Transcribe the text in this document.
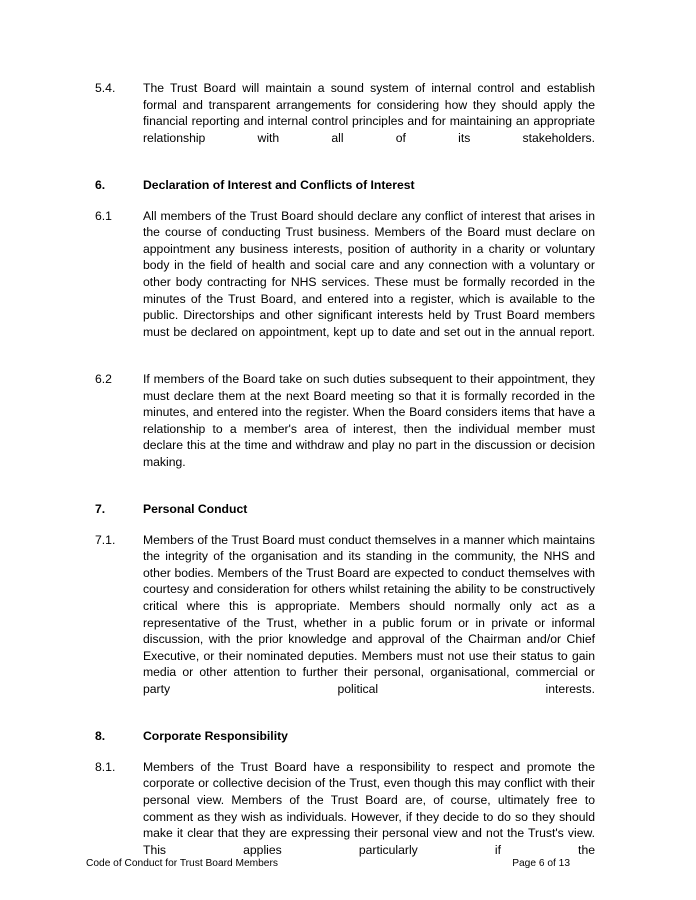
5.4.	The Trust Board will maintain a sound system of internal control and establish formal and transparent arrangements for considering how they should apply the financial reporting and internal control principles and for maintaining an appropriate relationship with all of its stakeholders.
6.	Declaration of Interest and Conflicts of Interest
6.1	All members of the Trust Board should declare any conflict of interest that arises in the course of conducting Trust business. Members of the Board must declare on appointment any business interests, position of authority in a charity or voluntary body in the field of health and social care and any connection with a voluntary or other body contracting for NHS services. These must be formally recorded in the minutes of the Trust Board, and entered into a register, which is available to the public. Directorships and other significant interests held by Trust Board members must be declared on appointment, kept up to date and set out in the annual report.
6.2	If members of the Board take on such duties subsequent to their appointment, they must declare them at the next Board meeting so that it is formally recorded in the minutes, and entered into the register. When the Board considers items that have a relationship to a member's area of interest, then the individual member must declare this at the time and withdraw and play no part in the discussion or decision making.
7.	Personal Conduct
7.1.	Members of the Trust Board must conduct themselves in a manner which maintains the integrity of the organisation and its standing in the community, the NHS and other bodies. Members of the Trust Board are expected to conduct themselves with courtesy and consideration for others whilst retaining the ability to be constructively critical where this is appropriate. Members should normally only act as a representative of the Trust, whether in a public forum or in private or informal discussion, with the prior knowledge and approval of the Chairman and/or Chief Executive, or their nominated deputies. Members must not use their status to gain media or other attention to further their personal, organisational, commercial or party political interests.
8.	Corporate Responsibility
8.1.	Members of the Trust Board have a responsibility to respect and promote the corporate or collective decision of the Trust, even though this may conflict with their personal view. Members of the Trust Board are, of course, ultimately free to comment as they wish as individuals. However, if they decide to do so they should make it clear that they are expressing their personal view and not the Trust's view. This applies particularly if the
Code of Conduct for Trust Board Members	Page 6 of 13
